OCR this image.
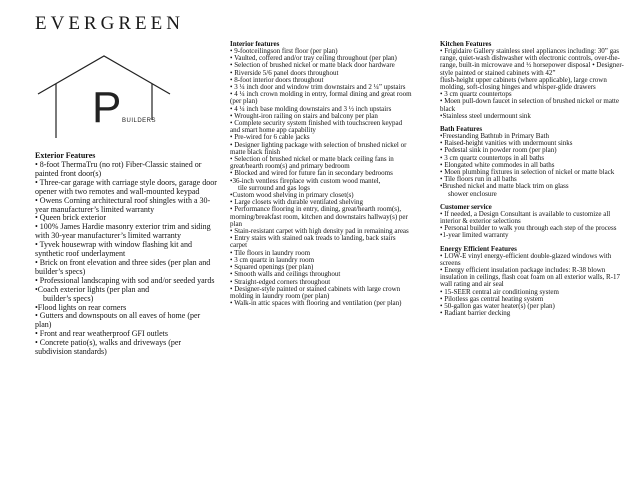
EVERGREEN
P BUILDERS
Exterior Features
• 8-foot ThermaTru (no rot) Fiber-Classic stained or painted front door(s)
• Three-car garage with carriage style doors, garage door opener with two remotes and wall-mounted keypad
• Owens Corning architectural roof shingles with a 30-year manufacturer’s limited warranty
• Queen brick exterior
• 100% James Hardie masonry exterior trim and siding with 30-year manufacturer’s limited warranty
• Tyvek housewrap with window flashing kit and synthetic roof underlayment
• Brick on front elevation and three sides (per plan and builder’s specs)
• Professional landscaping with sod and/or seeded yards
•Coach exterior lights (per plan and
builder’s specs)
•Flood lights on rear corners
• Gutters and downspouts on all eaves of home (per plan)
• Front and rear weatherproof GFI outlets
• Concrete patio(s), walks and driveways (per subdivision standards)
Interior features
• 9-footceilingson first floor (per plan)
• Vaulted, coffered and/or tray ceiling throughout (per plan)
• Selection of brushed nickel or matte black door hardware
• Riverside 5/6 panel doors throughout
• 8-foot interior doors throughout
• 3 ¼ inch door and window trim downstairs and 2 ¼” upstairs
• 4 ¼ inch crown molding in entry, formal dining and great room (per plan)
• 4 ¼ inch base molding downstairs and 3 ½ inch upstairs
• Wrought-iron railing on stairs and balcony per plan
• Complete security system finished with touchscreen keypad and smart home app capability
• Pre-wired for 6 cable jacks
• Designer lighting package with selection of brushed nickel or matte black finish
• Selection of brushed nickel or matte black ceiling fans in great/hearth room(s) and primary bedroom
• Blocked and wired for future fan in secondary bedrooms
•36-inch ventless fireplace with custom wood mantel,
tile surround and gas logs
•Custom wood shelving in primary closet(s)
• Large closets with durable ventilated shelving
• Performance flooring in entry, dining, great/hearth room(s), morning/breakfast room, kitchen and downstairs hallway(s) per plan
• Stain-resistant carpet with high density pad in remaining areas
• Entry stairs with stained oak treads to landing, back stairs carpet
• Tile floors in laundry room
• 3 cm quartz in laundry room
• Squared openings (per plan)
• Smooth walls and ceilings throughout
• Straight-edged corners throughout
• Designer-style painted or stained cabinets with large crown molding in laundry room (per plan)
• Walk-in attic spaces with flooring and ventilation (per plan)
Kitchen Features
• Frigidaire Gallery stainless steel appliances including: 30” gas range, quiet-wash dishwasher with electronic controls, over-the-range, built-in microwave and ½ horsepower disposal • Designer-style painted or stained cabinets with 42”
flush-height upper cabinets (where applicable), large crown molding, soft-closing hinges and whisper-glide drawers
• 3 cm quartz countertops
• Moen pull-down faucet in selection of brushed nickel or matte black
•Stainless steel undermount sink
Bath Features
•Freestanding Bathtub in Primary Bath
• Raised-height vanities with undermount sinks
• Pedestal sink in powder room (per plan)
• 3 cm quartz countertops in all baths
• Elongated white commodes in all baths
• Moen plumbing fixtures in selection of nickel or matte black
• Tile floors run in all baths
•Brushed nickel and matte black trim on glass
shower enclosure
Customer service
• If needed, a Design Consultant is available to customize all interior & exterior selections
• Personal builder to walk you through each step of the process
•1-year limited warranty
Energy Efficient Features
• LOW-E vinyl energy-efficient double-glazed windows with screens
• Energy efficient insulation package includes: R-38 blown insulation in ceilings, flash coat foam on all exterior walls, R-17 wall rating and air seal
• 15-SEER central air conditioning system
• Pilotless gas central heating system
• 50-gallon gas water heater(s) (per plan)
• Radiant barrier decking
